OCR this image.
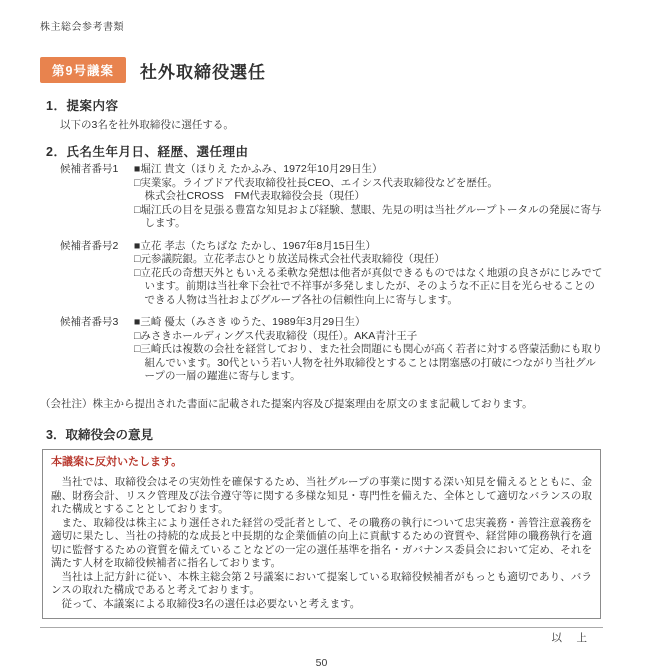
株主総会参考書類
第9号議案	社外取締役選任
1．提案内容

以下の3名を社外取締役に選任する。

2．氏名生年月日、経歴、選任理由
候補者番号1	■堀江 貴文（ほりえ たかふみ、1972年10月29日生）
□実業家。ライブドア代表取締役社長CEO、エイシス代表取締役などを歴任。
株式会社CROSS　FM代表取締役会長（現任）
□堀江氏の目を見張る豊富な知見および経験、慧眼、先見の明は当社グループトータルの発展に寄与します。
候補者番号2	■立花 孝志（たちばな たかし、1967年8月15日生）
□元参議院銀。立花孝志ひとり放送局株式会社代表取締役（現任）
□立花氏の奇想天外ともいえる柔軟な発想は他者が真似できるものではなく地頭の良さがにじみでています。前期は当社傘下会社で不祥事が多発しましたが、そのような不正に目を光らせることのできる人物は当社およびグループ各社の信頼性向上に寄与します。
候補者番号3	■三崎 優太（みさき ゆうた、1989年3月29日生）
□みさきホールディングス代表取締役（現任）。AKA青汁王子
□三崎氏は複数の会社を経営しており、また社会問題にも関心が高く若者に対する啓蒙活動にも取り組んでいます。30代という若い人物を社外取締役とすることは閉塞感の打破につながり当社グループの一層の躍進に寄与します。

（会社注）株主から提出された書面に記載された提案内容及び提案理由を原文のまま記載しております。

3．取締役会の意見

本議案に反対いたします。

当社では、取締役会はその実効性を確保するため、当社グループの事業に関する深い知見を備えるとともに、金融、財務会計、リスク管理及び法令遵守等に関する多様な知見・専門性を備えた、全体として適切なバランスの取れた構成とすることとしております。

また、取締役は株主により選任された経営の受託者として、その職務の執行について忠実義務・善管注意義務を適切に果たし、当社の持続的な成長と中長期的な企業価値の向上に貢献するための資質や、経営陣の職務執行を適切に監督するための資質を備えていることなどの一定の選任基準を指名・ガバナンス委員会において定め、それを満たす人材を取締役候補者に指名しております。

当社は上記方針に従い、本株主総会第２号議案において提案している取締役候補者がもっとも適切であり、バランスの取れた構成であると考えております。

従って、本議案による取締役3名の選任は必要ないと考えます。

以　上
50
